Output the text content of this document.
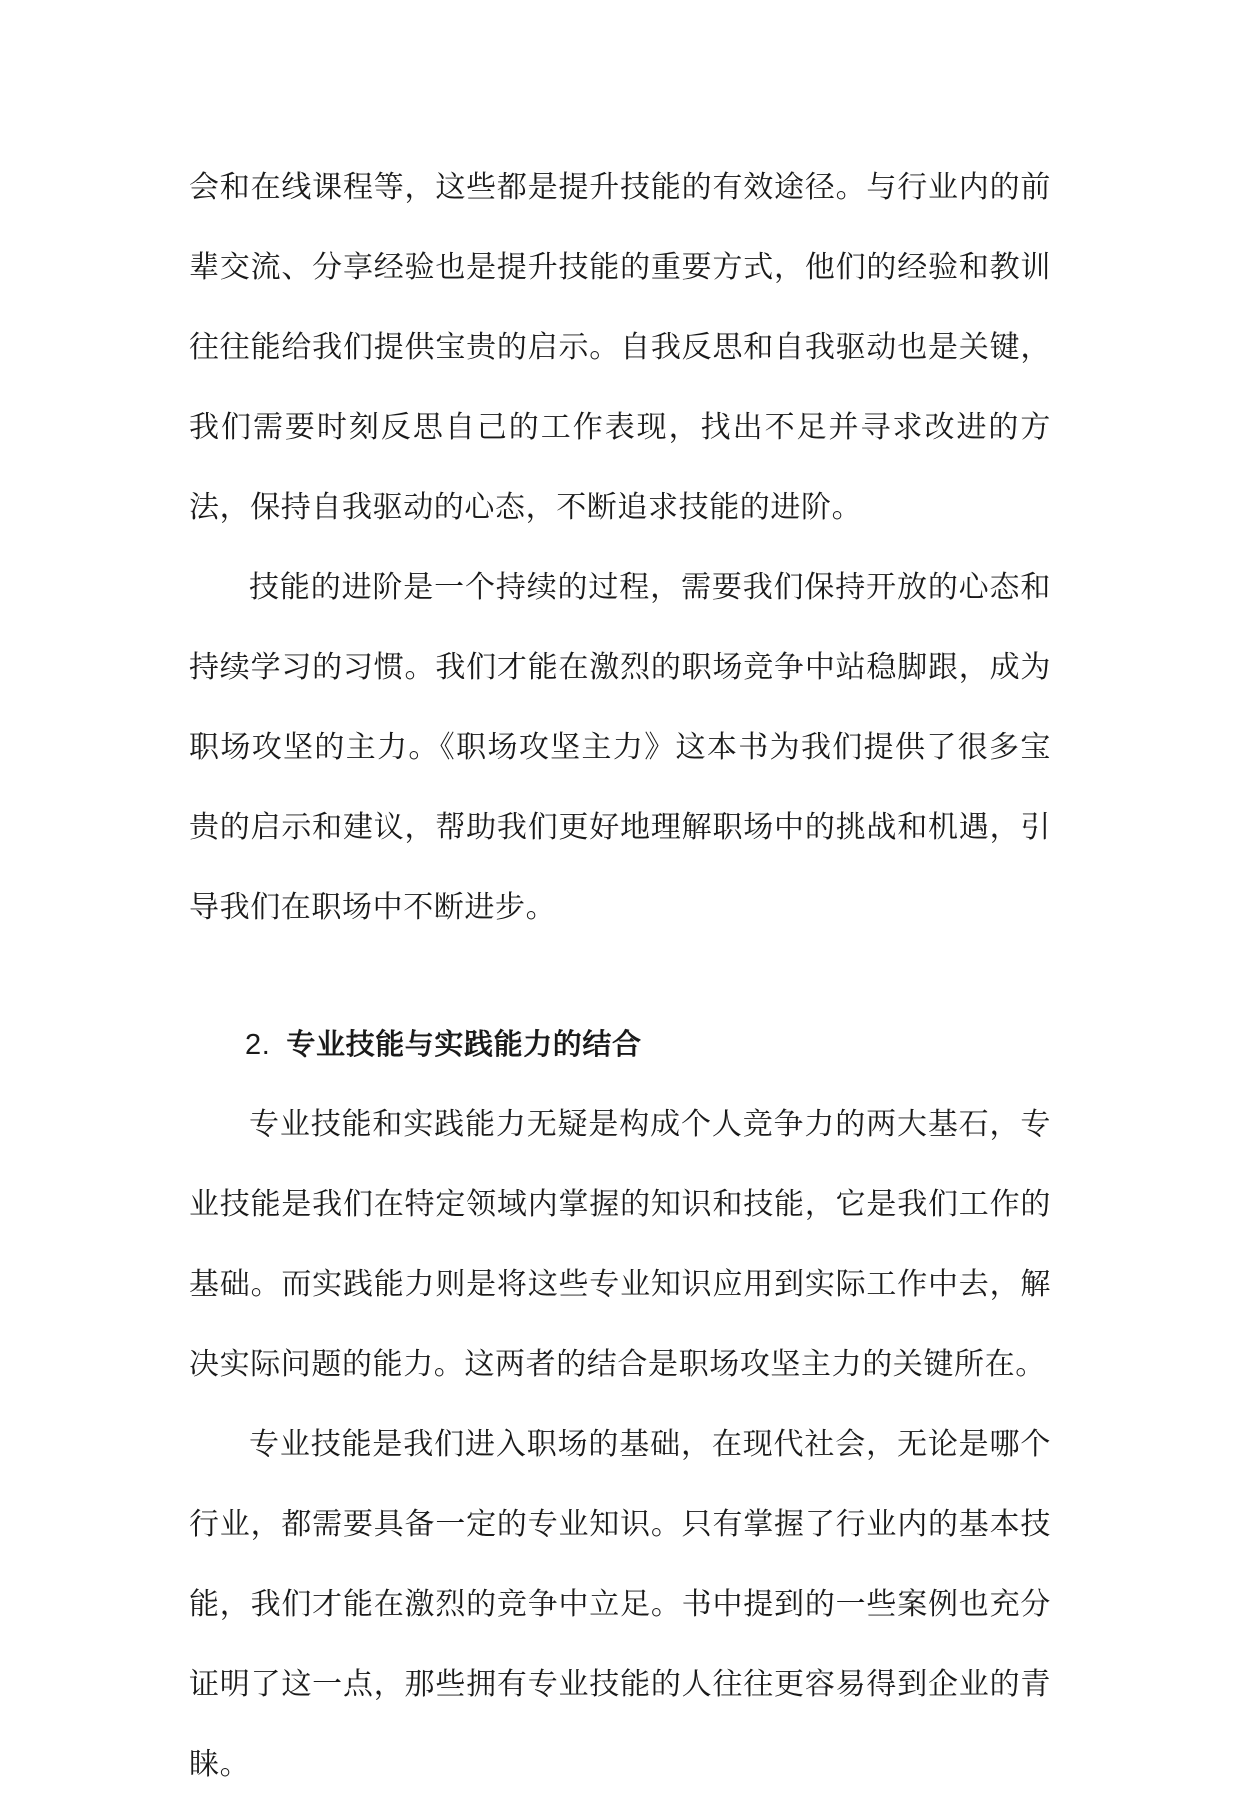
会和在线课程等，这些都是提升技能的有效途径。与行业内的前辈交流、分享经验也是提升技能的重要方式，他们的经验和教训往往能给我们提供宝贵的启示。自我反思和自我驱动也是关键，我们需要时刻反思自己的工作表现，找出不足并寻求改进的方法，保持自我驱动的心态，不断追求技能的进阶。

技能的进阶是一个持续的过程，需要我们保持开放的心态和持续学习的习惯。我们才能在激烈的职场竞争中站稳脚跟，成为职场攻坚的主力。《职场攻坚主力》这本书为我们提供了很多宝贵的启示和建议，帮助我们更好地理解职场中的挑战和机遇，引导我们在职场中不断进步。

2. 专业技能与实践能力的结合

专业技能和实践能力无疑是构成个人竞争力的两大基石，专业技能是我们在特定领域内掌握的知识和技能，它是我们工作的基础。而实践能力则是将这些专业知识应用到实际工作中去，解决实际问题的能力。这两者的结合是职场攻坚主力的关键所在。

专业技能是我们进入职场的基础，在现代社会，无论是哪个行业，都需要具备一定的专业知识。只有掌握了行业内的基本技能，我们才能在激烈的竞争中立足。书中提到的一些案例也充分证明了这一点，那些拥有专业技能的人往往更容易得到企业的青睐。
